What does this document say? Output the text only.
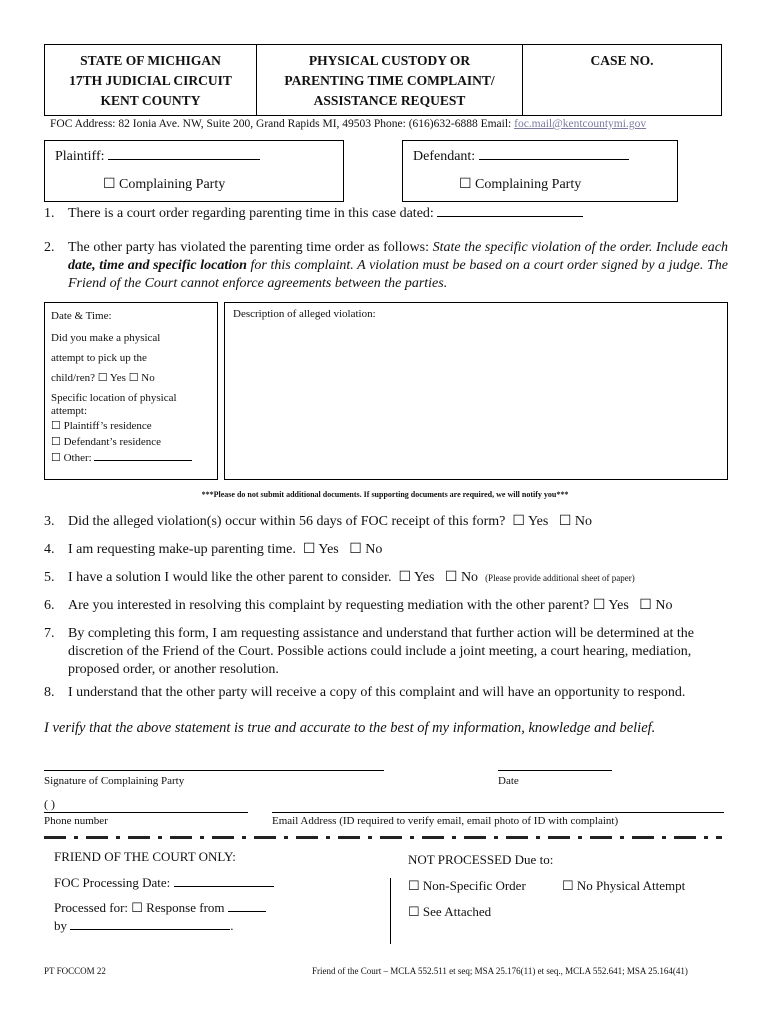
STATE OF MICHIGAN
17TH JUDICIAL CIRCUIT
KENT COUNTY
PHYSICAL CUSTODY OR
PARENTING TIME COMPLAINT/
ASSISTANCE REQUEST
CASE NO.
FOC Address: 82 Ionia Ave. NW, Suite 200, Grand Rapids MI, 49503 Phone: (616)632-6888 Email: foc.mail@kentcountymi.gov
Plaintiff:
☐ Complaining Party
Defendant:
☐ Complaining Party
1. There is a court order regarding parenting time in this case dated:
2. The other party has violated the parenting time order as follows: State the specific violation of the order. Include each date, time and specific location for this complaint. A violation must be based on a court order signed by a judge. The Friend of the Court cannot enforce agreements between the parties.

Date & Time:

Did you make a physical

attempt to pick up the

child/ren? ☐ Yes ☐ No

Specific location of physical attempt:

☐ Plaintiff’s residence

☐ Defendant’s residence

☐ Other:

Description of alleged violation:
***Please do not submit additional documents. If supporting documents are required, we will notify you***
3. Did the alleged violation(s) occur within 56 days of FOC receipt of this form? ☐ Yes ☐ No
4. I am requesting make-up parenting time. ☐ Yes ☐ No
5. I have a solution I would like the other parent to consider. ☐ Yes ☐ No (Please provide additional sheet of paper)
6. Are you interested in resolving this complaint by requesting mediation with the other parent? ☐ Yes ☐ No
7. By completing this form, I am requesting assistance and understand that further action will be determined at the discretion of the Friend of the Court. Possible actions could include a joint meeting, a court hearing, mediation, proposed order, or another resolution.
8. I understand that the other party will receive a copy of this complaint and will have an opportunity to respond.
I verify that the above statement is true and accurate to the best of my information, knowledge and belief.
Signature of Complaining Party	Date
( )
Phone number	Email Address (ID required to verify email, email photo of ID with complaint)
FRIEND OF THE COURT ONLY:
FOC Processing Date:
Processed for: ☐ Response from
by	.
NOT PROCESSED Due to:
☐ Non-Specific Order	☐ No Physical Attempt
☐ See Attached
PT FOCCOM 22	Friend of the Court – MCLA 552.511 et seq; MSA 25.176(11) et seq., MCLA 552.641; MSA 25.164(41)
